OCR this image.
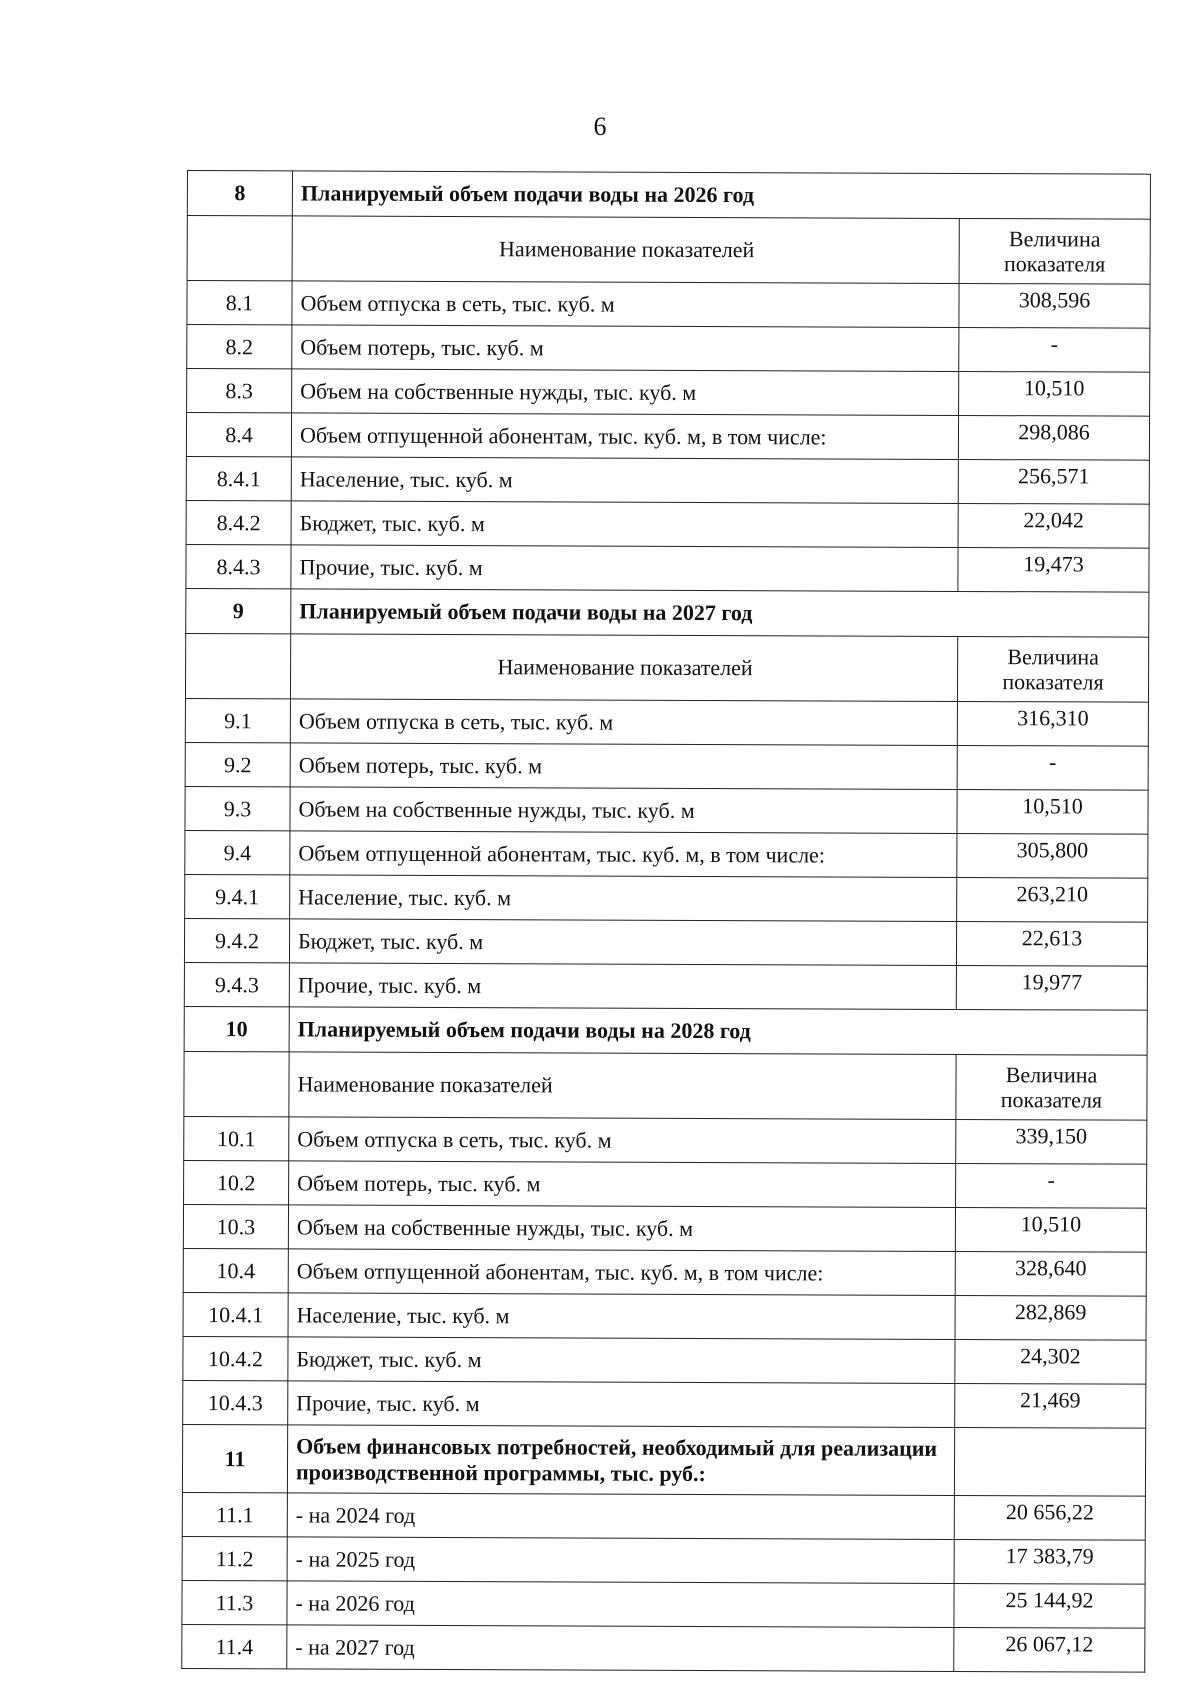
6
8	Планируемый объем подачи воды на 2026 год	
	Наименование показателей	Величина показателя
8.1	Объем отпуска в сеть, тыс. куб. м	308,596
8.2	Объем потерь, тыс. куб. м	-
8.3	Объем на собственные нужды, тыс. куб. м	10,510
8.4	Объем отпущенной абонентам, тыс. куб. м, в том числе:	298,086
8.4.1	Население, тыс. куб. м	256,571
8.4.2	Бюджет, тыс. куб. м	22,042
8.4.3	Прочие, тыс. куб. м	19,473
9	Планируемый объем подачи воды на 2027 год	
	Наименование показателей	Величина показателя
9.1	Объем отпуска в сеть, тыс. куб. м	316,310
9.2	Объем потерь, тыс. куб. м	-
9.3	Объем на собственные нужды, тыс. куб. м	10,510
9.4	Объем отпущенной абонентам, тыс. куб. м, в том числе:	305,800
9.4.1	Население, тыс. куб. м	263,210
9.4.2	Бюджет, тыс. куб. м	22,613
9.4.3	Прочие, тыс. куб. м	19,977
10	Планируемый объем подачи воды на 2028 год	
	Наименование показателей	Величина показателя
10.1	Объем отпуска в сеть, тыс. куб. м	339,150
10.2	Объем потерь, тыс. куб. м	-
10.3	Объем на собственные нужды, тыс. куб. м	10,510
10.4	Объем отпущенной абонентам, тыс. куб. м, в том числе:	328,640
10.4.1	Население, тыс. куб. м	282,869
10.4.2	Бюджет, тыс. куб. м	24,302
10.4.3	Прочие, тыс. куб. м	21,469
11	Объем финансовых потребностей, необходимый для реализации производственной программы, тыс. руб.:	
11.1	- на 2024 год	20 656,22
11.2	- на 2025 год	17 383,79
11.3	- на 2026 год	25 144,92
11.4	- на 2027 год	26 067,12
